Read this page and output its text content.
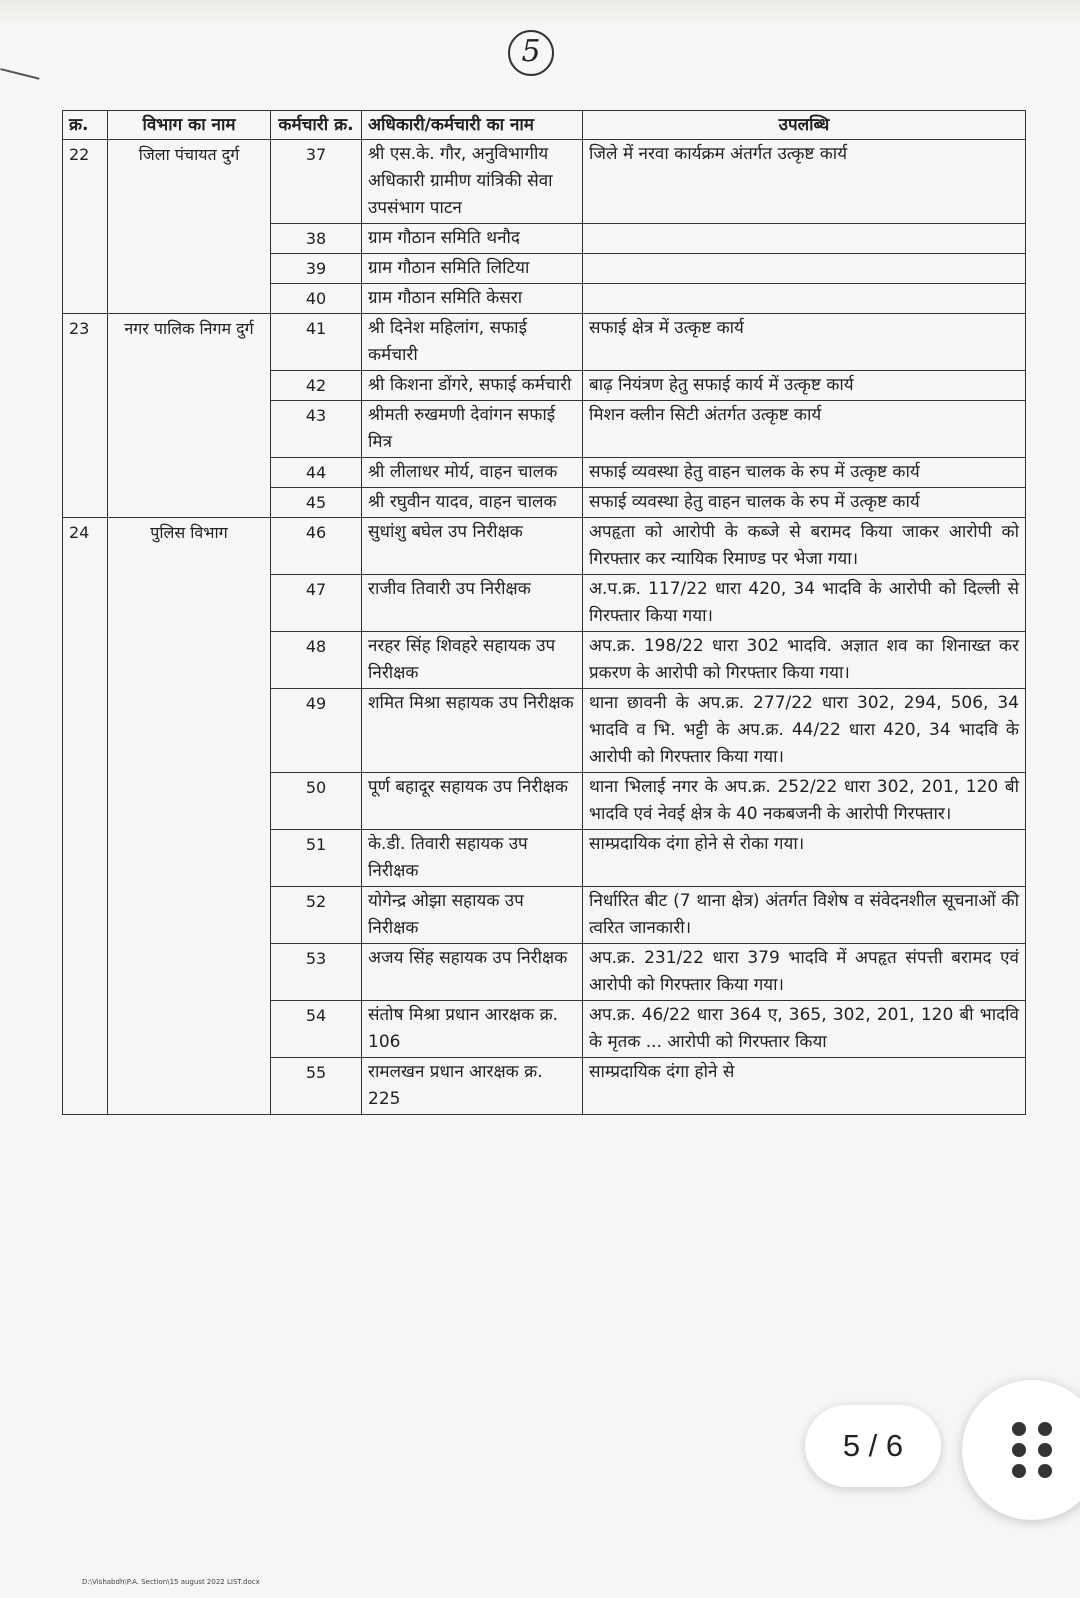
5
क्र.	विभाग का नाम	कर्मचारी क्र.	अधिकारी/कर्मचारी का नाम	उपलब्धि
22	जिला पंचायत दुर्ग	37	श्री एस.के. गौर, अनुविभागीय अधिकारी ग्रामीण यांत्रिकी सेवा उपसंभाग पाटन	जिले में नरवा कार्यक्रम अंतर्गत उत्कृष्ट कार्य
		38	ग्राम गौठान समिति थनौद	
		39	ग्राम गौठान समिति लिटिया	
		40	ग्राम गौठान समिति केसरा	
23	नगर पालिक निगम दुर्ग	41	श्री दिनेश महिलांग, सफाई कर्मचारी	सफाई क्षेत्र में उत्कृष्ट कार्य
		42	श्री किशना डोंगरे, सफाई कर्मचारी	बाढ़ नियंत्रण हेतु सफाई कार्य में उत्कृष्ट कार्य
		43	श्रीमती रुखमणी देवांगन सफाई मित्र	मिशन क्लीन सिटी अंतर्गत उत्कृष्ट कार्य
		44	श्री लीलाधर मोर्य, वाहन चालक	सफाई व्यवस्था हेतु वाहन चालक के रुप में उत्कृष्ट कार्य
		45	श्री रघुवीन यादव, वाहन चालक	सफाई व्यवस्था हेतु वाहन चालक के रुप में उत्कृष्ट कार्य
24	पुलिस विभाग	46	सुधांशु बघेल उप निरीक्षक	अपहृता को आरोपी के कब्जे से बरामद किया जाकर आरोपी को गिरफ्तार कर न्यायिक रिमाण्ड पर भेजा गया।
		47	राजीव तिवारी उप निरीक्षक	अ.प.क्र. 117/22 धारा 420, 34 भादवि के आरोपी को दिल्ली से गिरफ्तार किया गया।
		48	नरहर सिंह शिवहरे सहायक उप निरीक्षक	अप.क्र. 198/22 धारा 302 भादवि. अज्ञात शव का शिनाख्त कर प्रकरण के आरोपी को गिरफ्तार किया गया।
		49	शमित मिश्रा सहायक उप निरीक्षक	थाना छावनी के अप.क्र. 277/22 धारा 302, 294, 506, 34 भादवि व भि. भट्टी के अप.क्र. 44/22 धारा 420, 34 भादवि के आरोपी को गिरफ्तार किया गया।
		50	पूर्ण बहादूर सहायक उप निरीक्षक	थाना भिलाई नगर के अप.क्र. 252/22 धारा 302, 201, 120 बी भादवि एवं नेवई क्षेत्र के 40 नकबजनी के आरोपी गिरफ्तार।
		51	के.डी. तिवारी सहायक उप निरीक्षक	साम्प्रदायिक दंगा होने से रोका गया।
		52	योगेन्द्र ओझा सहायक उप निरीक्षक	निर्धारित बीट (7 थाना क्षेत्र) अंतर्गत विशेष व संवेदनशील सूचनाओं की त्वरित जानकारी।
		53	अजय सिंह सहायक उप निरीक्षक	अप.क्र. 231/22 धारा 379 भादवि में अपहृत संपत्ती बरामद एवं आरोपी को गिरफ्तार किया गया।
		54	संतोष मिश्रा प्रधान आरक्षक क्र. 106	अप.क्र. 46/22 धारा 364 ए, 365, 302, 201, 120 बी भादवि के मृतक ... आरोपी को गिरफ्तार किया
		55	रामलखन प्रधान आरक्षक क्र. 225	साम्प्रदायिक दंगा होने से
D:\Vishabdh\P.A. Section\15 august 2022 LIST.docx
5 / 6
